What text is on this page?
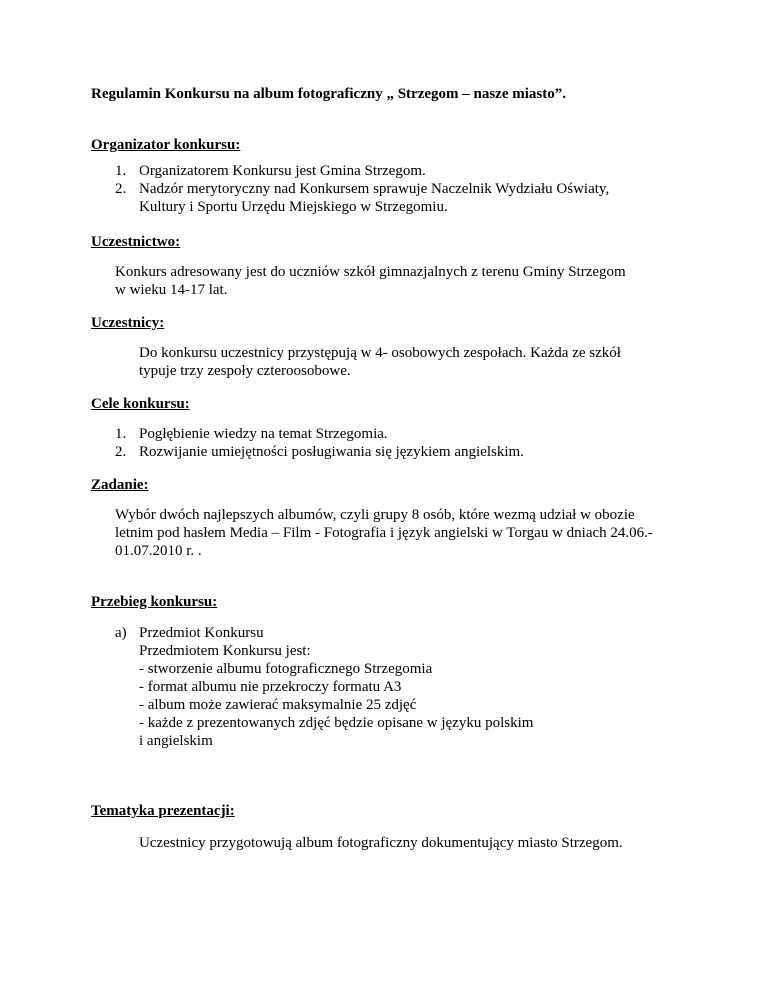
Regulamin Konkursu na album fotograficzny „ Strzegom – nasze miasto”.
Organizator konkursu:
1. Organizatorem Konkursu jest Gmina Strzegom.
2. Nadzór merytoryczny nad Konkursem sprawuje Naczelnik Wydziału Oświaty,
Kultury i Sportu Urzędu Miejskiego w Strzegomiu.
Uczestnictwo:
Konkurs adresowany jest do uczniów szkół gimnazjalnych z terenu Gminy Strzegom
w wieku 14-17 lat.
Uczestnicy:
Do konkursu uczestnicy przystępują w 4- osobowych zespołach. Każda ze szkół
typuje trzy zespoły czteroosobowe.
Cele konkursu:
1. Pogłębienie wiedzy na temat Strzegomia.
2. Rozwijanie umiejętności posługiwania się językiem angielskim.
Zadanie:
Wybór dwóch najlepszych albumów, czyli grupy 8 osób, które wezmą udział w obozie
letnim pod hasłem Media – Film - Fotografia i język angielski w Torgau w dniach 24.06.-
01.07.2010 r. .
Przebieg konkursu:
a) Przedmiot Konkursu
Przedmiotem Konkursu jest:
- stworzenie albumu fotograficznego Strzegomia
- format albumu nie przekroczy formatu A3
- album może zawierać maksymalnie 25 zdjęć
- każde z prezentowanych zdjęć będzie opisane w języku polskim
i angielskim
Tematyka prezentacji:
Uczestnicy przygotowują album fotograficzny dokumentujący miasto Strzegom.
